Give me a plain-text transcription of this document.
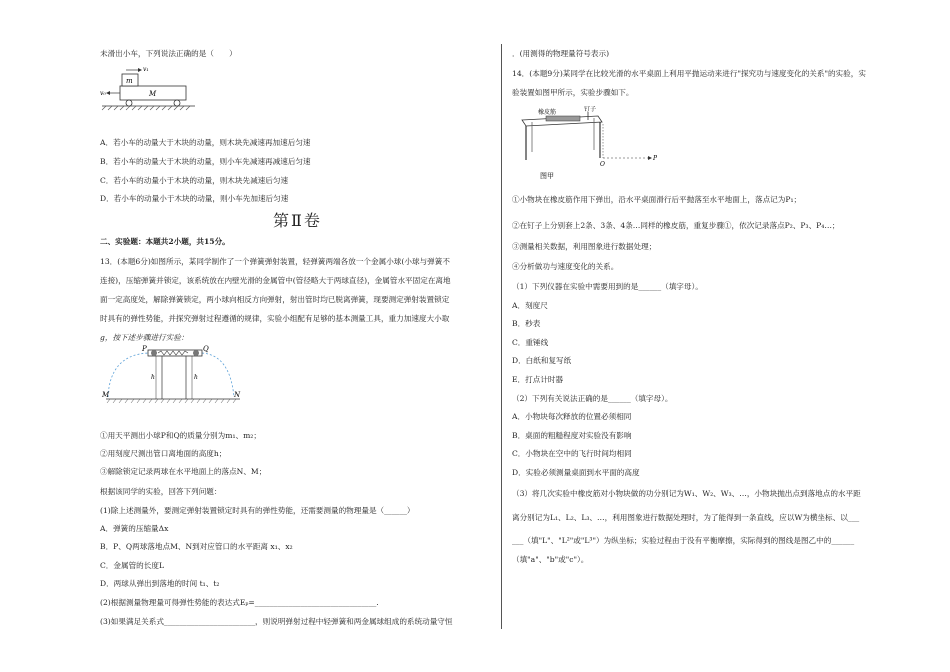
未滑出小车，下列说法正确的是（　　）
m
M
v₁
v₀
A．若小车的动量大于木块的动量，则木块先减速再加速后匀速
B．若小车的动量大于木块的动量，则小车先减速再减速后匀速
C．若小车的动量小于木块的动量，则木块先减速后匀速
D．若小车的动量小于木块的动量，则小车先加速后匀速
第Ⅱ卷
二、实验题：本题共2小题，共15分。
13．(本题6分)如图所示，某同学制作了一个弹簧弹射装置，轻弹簧两端各放一个金属小球(小球与弹簧不
连接)，压缩弹簧并锁定，该系统放在内壁光滑的金属管中(管径略大于两球直径)，金属管水平固定在离地
面一定高度处，解除弹簧锁定，两小球向相反方向弹射，射出管时均已脱离弹簧，现要测定弹射装置锁定
时具有的弹性势能，并探究弹射过程遵循的规律，实验小组配有足够的基本测量工具，重力加速度大小取
g，按下述步骤进行实验：
P	Q
h	h
M	N
①用天平测出小球P和Q的质量分别为m₁、m₂；
②用刻度尺测出管口离地面的高度h；
③解除锁定记录两球在水平地面上的落点N、M；
根据该同学的实验，回答下列问题：
(1)除上述测量外，要测定弹射装置锁定时具有的弹性势能，还需要测量的物理量是（______）
A．弹簧的压缩量Δx
B．P、Q两球落地点M、N到对应管口的水平距离 x₁、x₂
C．金属管的长度L
D．两球从弹出到落地的时间 t₁、t₂
(2)根据测量物理量可得弹性势能的表达式Eₚ=________________________________.
(3)如果满足关系式________________________，则说明弹射过程中轻弹簧和两金属球组成的系统动量守恒
．(用测得的物理量符号表示)
14．(本题9分)某同学在比较光滑的水平桌面上利用平抛运动来进行"探究功与速度变化的关系"的实验，实
验装置如图甲所示，实验步骤如下。
橡皮筋	钉子
O
P
图甲
①小物块在橡皮筋作用下弹出，沿水平桌面滑行后平抛落至水平地面上，落点记为P₁；
②在钉子上分别套上2条、3条、4条…同样的橡皮筋，重复步骤①，依次记录落点P₂、P₃、P₄…；
③测量相关数据，利用图象进行数据处理；
④分析做功与速度变化的关系。
（1）下列仪器在实验中需要用到的是______（填字母）。
A．刻度尺
B．秒表
C．重锤线
D．白纸和复写纸
E．打点计时器
（2）下列有关说法正确的是______（填字母）。
A．小物块每次释放的位置必须相同
B．桌面的粗糙程度对实验没有影响
C．小物块在空中的飞行时间均相同
D．实验必须测量桌面到水平面的高度
（3）将几次实验中橡皮筋对小物块做的功分别记为W₁、W₂、W₃、…，小物块抛出点到落地点的水平距
离分别记为L₁、L₂、L₃、…，利用图象进行数据处理时，为了能得到一条直线，应以W为横坐标、以___
___（填"L"、"L²"或"L³"）为纵坐标；实验过程由于没有平衡摩擦，实际得到的图线是图乙中的______
（填"a"、"b"或"c"）。
